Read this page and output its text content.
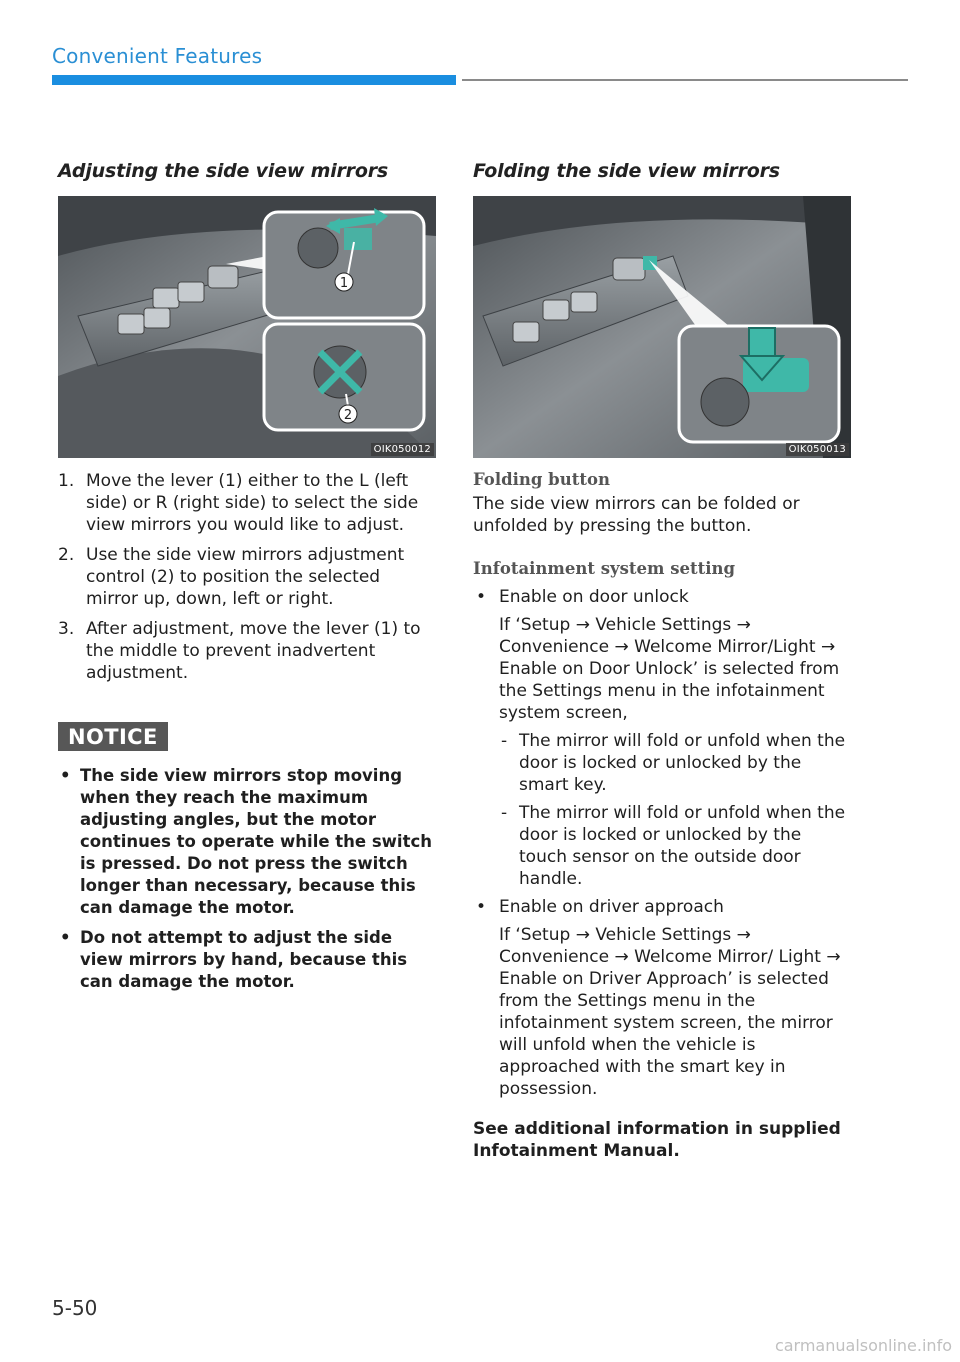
Convenient Features
Adjusting the side view mirrors
1
2
OIK050012
1. Move the lever (1) either to the L (left side) or R (right side) to select the side view mirrors you would like to adjust.
2. Use the side view mirrors adjustment control (2) to position the selected mirror up, down, left or right.
3. After adjustment, move the lever (1) to the middle to prevent inadvertent adjustment.
NOTICE
• The side view mirrors stop moving when they reach the maximum adjusting angles, but the motor continues to operate while the switch is pressed. Do not press the switch longer than necessary, because this can damage the motor.
• Do not attempt to adjust the side view mirrors by hand, because this can damage the motor.
Folding the side view mirrors
OIK050013
Folding button
The side view mirrors can be folded or unfolded by pressing the button.
Infotainment system setting
• Enable on door unlock
If ‘Setup → Vehicle Settings → Convenience → Welcome Mirror/Light → Enable on Door Unlock’ is selected from the Settings menu in the infotainment system screen,
- The mirror will fold or unfold when the door is locked or unlocked by the smart key.
- The mirror will fold or unfold when the door is locked or unlocked by the touch sensor on the outside door handle.
• Enable on driver approach
If ‘Setup → Vehicle Settings → Convenience → Welcome Mirror/ Light → Enable on Driver Approach’ is selected from the Settings menu in the infotainment system screen, the mirror will unfold when the vehicle is approached with the smart key in possession.
See additional information in supplied Infotainment Manual.
5-50
carmanualsonline.info
